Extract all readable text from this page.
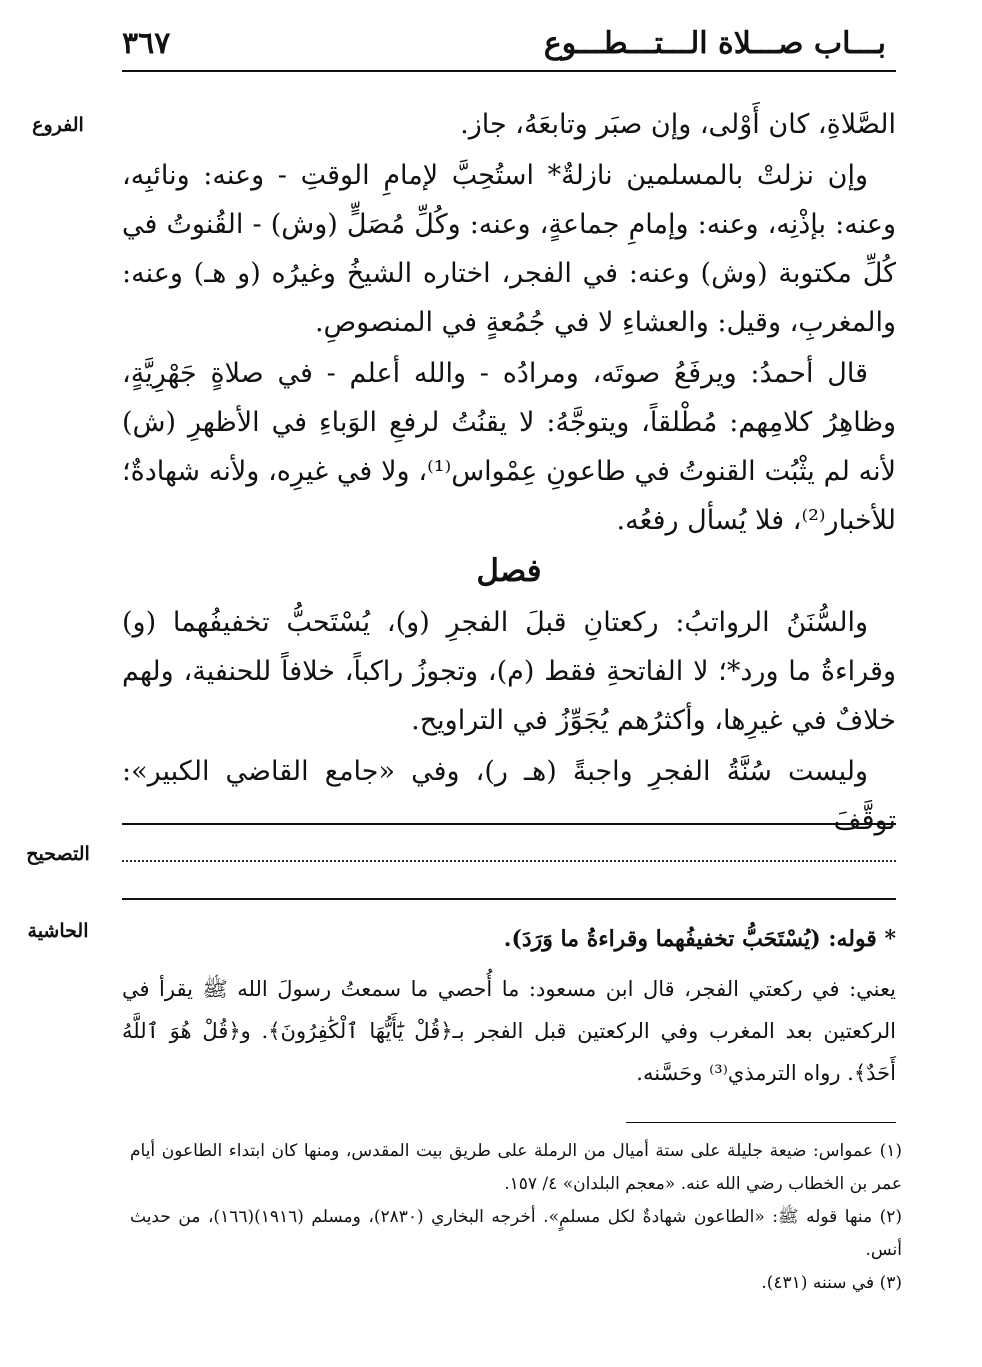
بـــاب صـــلاة الـــتـــطـــوع
٣٦٧
الفروع
التصحيح
الحاشية

الصَّلاةِ، كان أَوْلى، وإن صبَر وتابعَهُ، جاز.

وإن نزلتْ بالمسلمين نازلةٌ* استُحِبَّ لإمامِ الوقتِ - وعنه: ونائبِه، وعنه: بإذْنِه، وعنه: وإمامِ جماعةٍ، وعنه: وكُلِّ مُصَلٍّ (وش) - القُنوتُ في كُلِّ مكتوبة (وش) وعنه: في الفجر، اختاره الشيخُ وغيرُه (و هـ) وعنه: والمغربِ، وقيل: والعشاءِ لا في جُمُعةٍ في المنصوصِ.

قال أحمدُ: ويرفَعُ صوتَه، ومرادُه - والله أعلم - في صلاةٍ جَهْرِيَّةٍ، وظاهِرُ كلامِهم: مُطْلقاً، ويتوجَّهُ: لا يقنُتُ لرفعِ الوَباءِ في الأظهرِ (ش) لأنه لم يثْبُت القنوتُ في طاعونِ عِمْواس⁽¹⁾، ولا في غيرِه، ولأنه شهادةٌ؛ للأخبار⁽²⁾، فلا يُسأل رفعُه.

فصل

والسُّنَنُ الرواتبُ: ركعتانِ قبلَ الفجرِ (و)، يُسْتَحبُّ تخفيفُهما (و) وقراءةُ ما ورد*؛ لا الفاتحةِ فقط (م)، وتجوزُ راكباً، خلافاً للحنفية، ولهم خلافٌ في غيرِها، وأكثرُهم يُجَوِّزُ في التراويح.

وليست سُنَّةُ الفجرِ واجبةً (هـ ر)، وفي «جامع القاضي الكبير»: توقَّفَ

* قوله: (يُسْتَحَبُّ تخفيفُهما وقراءةُ ما وَرَدَ).

يعني: في ركعتي الفجر، قال ابن مسعود: ما أُحصي ما سمعتُ رسولَ الله ﷺ يقرأ في الركعتين بعد المغرب وفي الركعتين قبل الفجر بـ﴿قُلْ يَٰٓأَيُّهَا ٱلْكَٰفِرُونَ﴾. و﴿قُلْ هُوَ ٱللَّهُ أَحَدٌ﴾. رواه الترمذي⁽³⁾ وحَسَّنه.

(١) عمواس: ضيعة جليلة على ستة أميال من الرملة على طريق بيت المقدس، ومنها كان ابتداء الطاعون أيام عمر بن الخطاب رضي الله عنه. «معجم البلدان» ٤/ ١٥٧.

(٢) منها قوله ﷺ: «الطاعون شهادةٌ لكل مسلمٍ». أخرجه البخاري (٢٨٣٠)، ومسلم (١٩١٦)(١٦٦)، من حديث أنس.

(٣) في سننه (٤٣١).
